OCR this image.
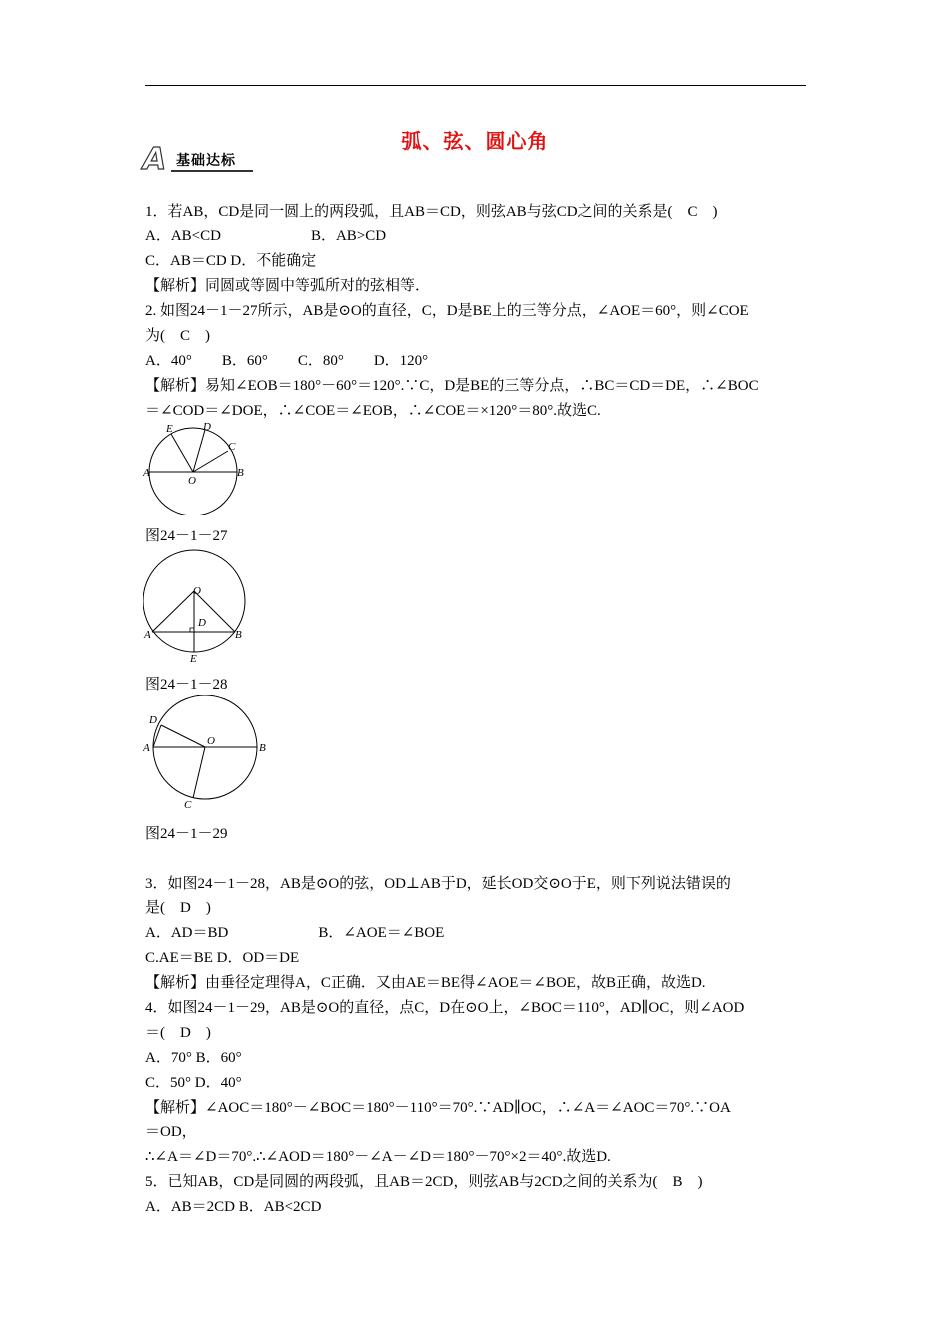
弧、弦、圆心角
A 基础达标
1．若AB，CD是同一圆上的两段弧，且AB＝CD，则弦AB与弦CD之间的关系是(　C　)
A．AB<CD　　　　　　B．AB>CD
C．AB＝CD D．不能确定
【解析】同圆或等圆中等弧所对的弦相等．
2. 如图24－1－27所示，AB是⊙O的直径，C，D是BE上的三等分点，∠AOE＝60°，则∠COE
为(　C　)
A．40°　　B．60°　　C．80°　　D．120°
【解析】易知∠EOB＝180°－60°＝120°.∵C，D是BE的三等分点，∴BC＝CD＝DE，∴∠BOC
＝∠COD＝∠DOE，∴∠COE＝∠EOB，∴∠COE＝×120°＝80°.故选C.
E	D
C
A
O
B
图24－1－27
O
D
A	B
E
图24－1－28
D
O
A	B
C
图24－1－29
3．如图24－1－28，AB是⊙O的弦，OD⊥AB于D，延长OD交⊙O于E，则下列说法错误的
是(　D　)
A．AD＝BD　　　　　　B．∠AOE＝∠BOE
C.AE＝BE D．OD＝DE
【解析】由垂径定理得A，C正确．又由AE＝BE得∠AOE＝∠BOE，故B正确，故选D.
4．如图24－1－29，AB是⊙O的直径，点C，D在⊙O上，∠BOC＝110°，AD∥OC，则∠AOD
＝(　D　)
A．70° B．60°
C．50° D．40°
【解析】∠AOC＝180°－∠BOC＝180°－110°＝70°.∵AD∥OC，∴∠A＝∠AOC＝70°.∵OA
＝OD，
∴∠A＝∠D＝70°.∴∠AOD＝180°－∠A－∠D＝180°－70°×2＝40°.故选D.
5．已知AB，CD是同圆的两段弧，且AB＝2CD，则弦AB与2CD之间的关系为(　B　)
A．AB＝2CD B．AB<2CD
